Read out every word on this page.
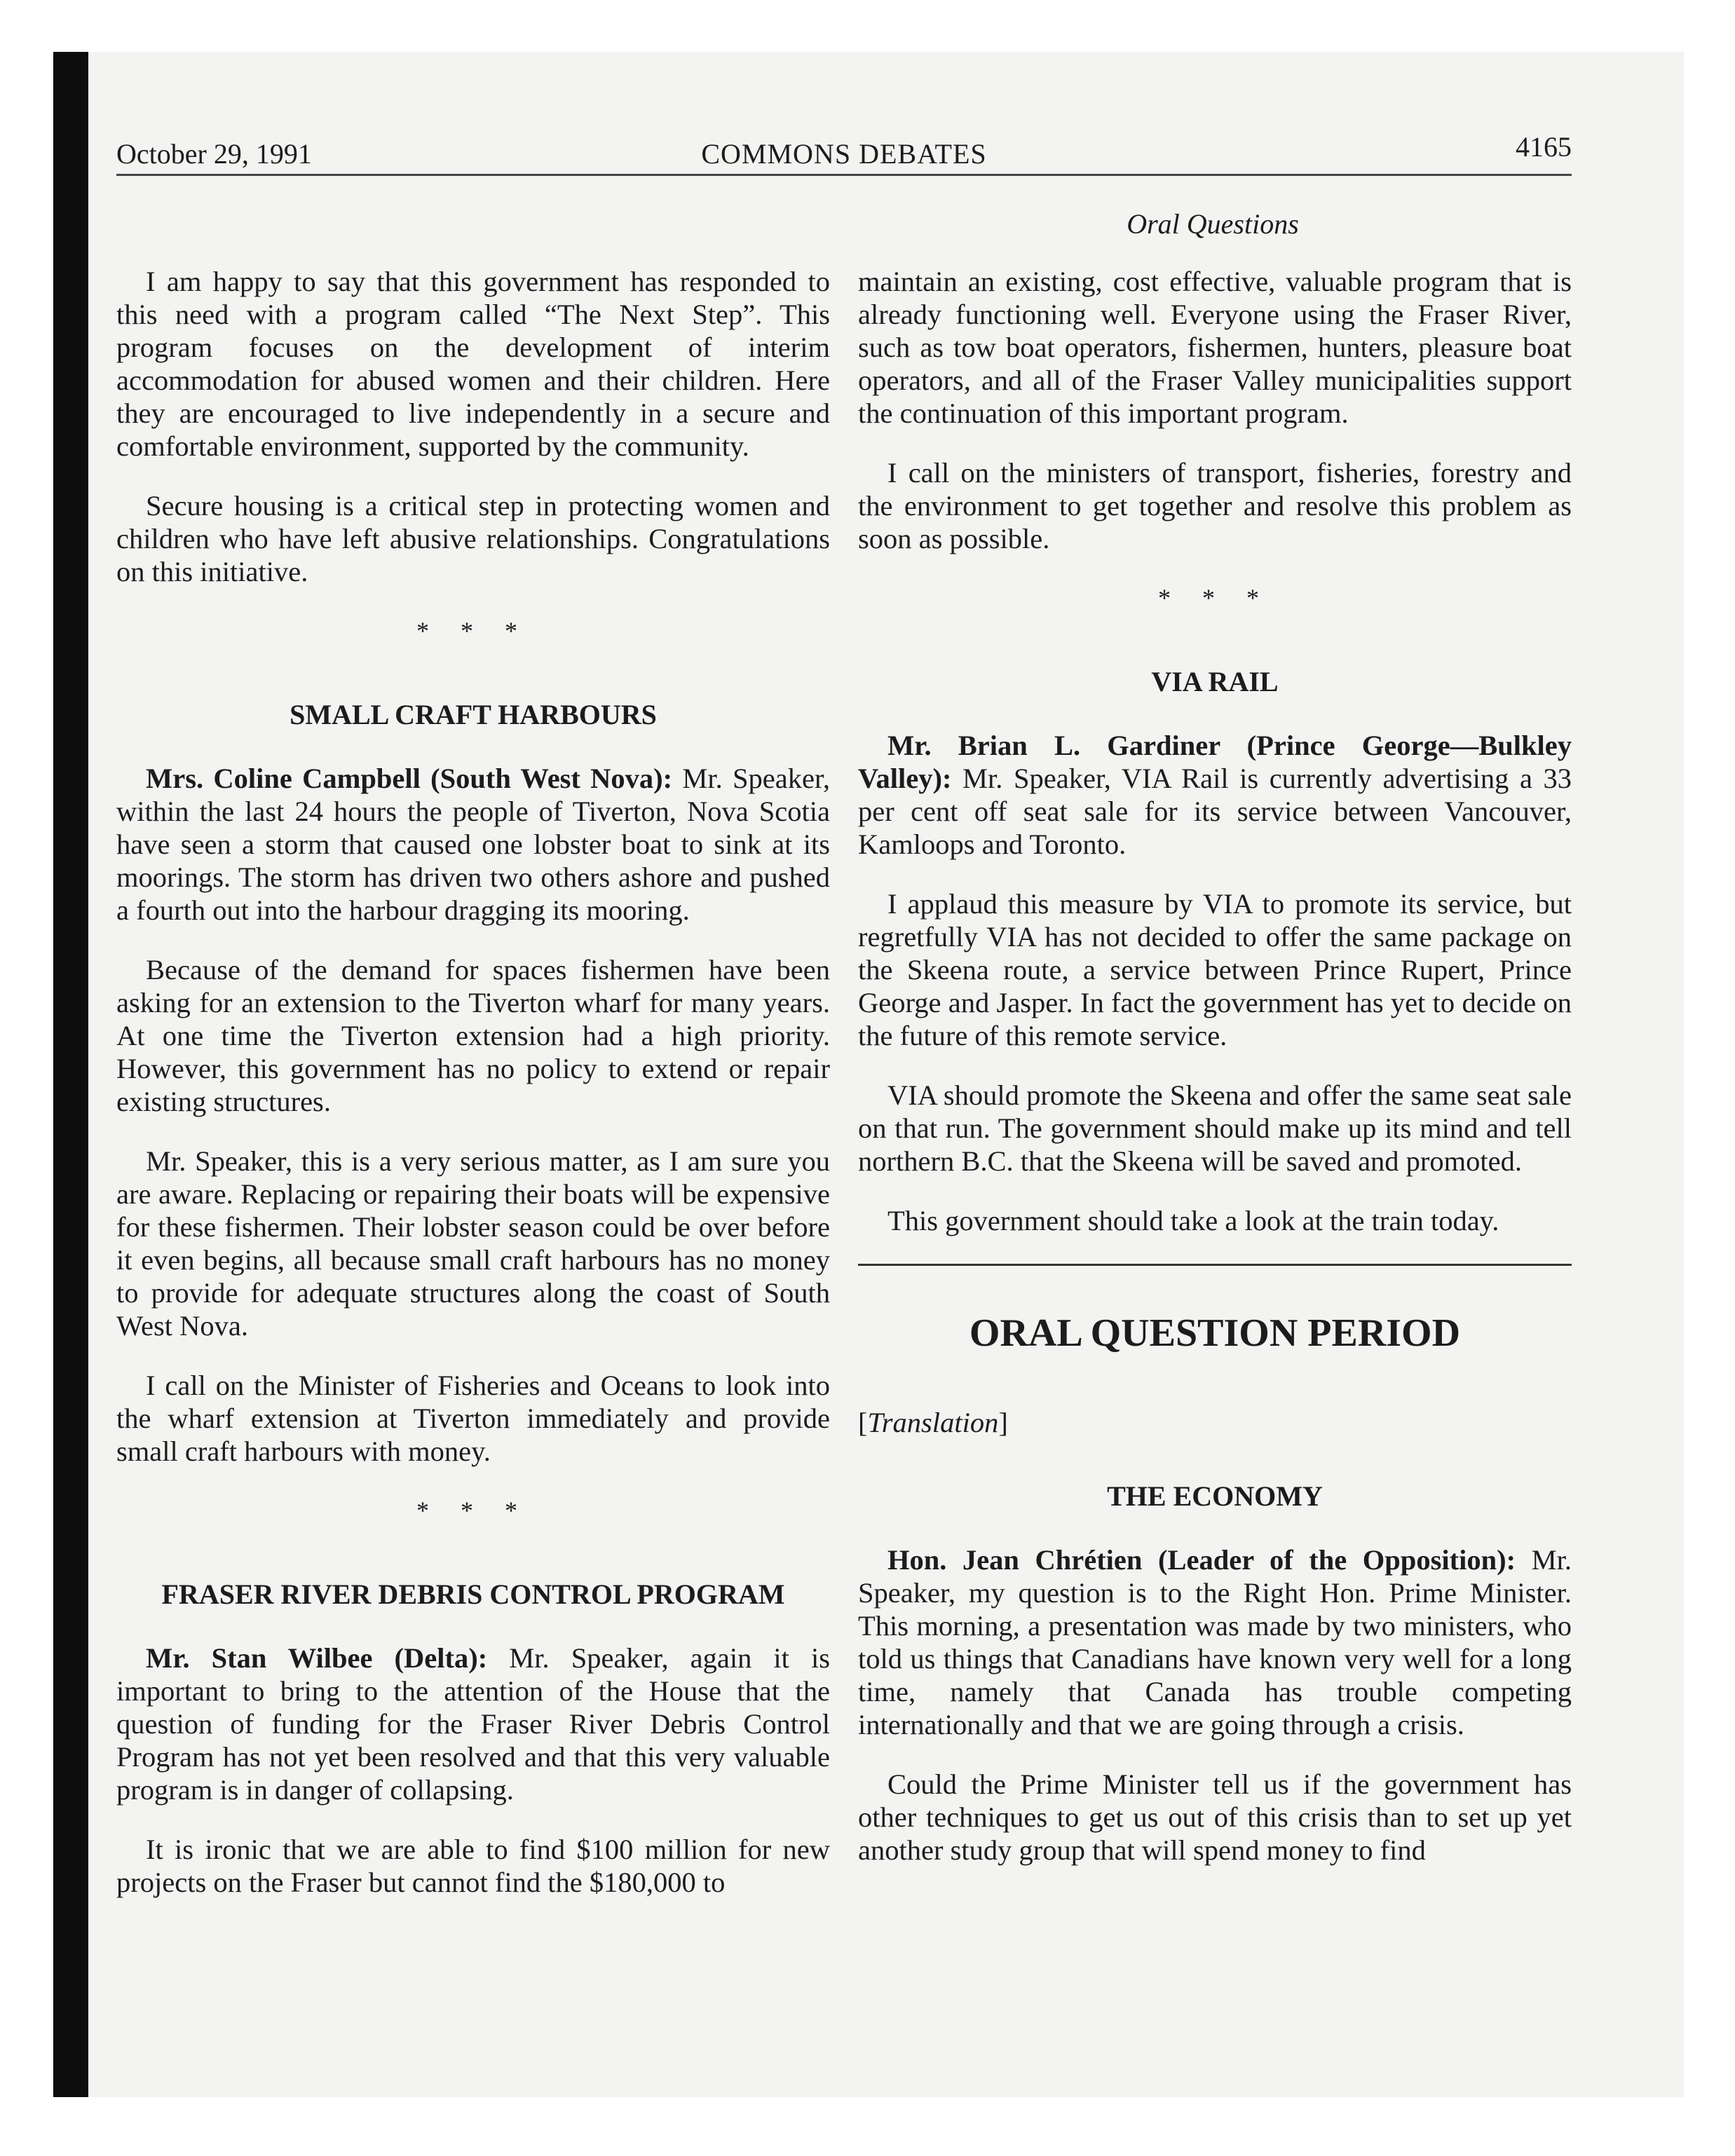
October 29, 1991	COMMONS DEBATES	4165
Oral Questions

I am happy to say that this government has responded to this need with a program called “The Next Step”. This program focuses on the development of interim accommodation for abused women and their children. Here they are encouraged to live independently in a secure and comfortable environment, supported by the community.

Secure housing is a critical step in protecting women and children who have left abusive relationships. Congratulations on this initiative.

* * *
SMALL CRAFT HARBOURS

Mrs. Coline Campbell (South West Nova): Mr. Speaker, within the last 24 hours the people of Tiverton, Nova Scotia have seen a storm that caused one lobster boat to sink at its moorings. The storm has driven two others ashore and pushed a fourth out into the harbour dragging its mooring.

Because of the demand for spaces fishermen have been asking for an extension to the Tiverton wharf for many years. At one time the Tiverton extension had a high priority. However, this government has no policy to extend or repair existing structures.

Mr. Speaker, this is a very serious matter, as I am sure you are aware. Replacing or repairing their boats will be expensive for these fishermen. Their lobster season could be over before it even begins, all because small craft harbours has no money to provide for adequate structures along the coast of South West Nova.

I call on the Minister of Fisheries and Oceans to look into the wharf extension at Tiverton immediately and provide small craft harbours with money.

* * *
FRASER RIVER DEBRIS CONTROL PROGRAM

Mr. Stan Wilbee (Delta): Mr. Speaker, again it is important to bring to the attention of the House that the question of funding for the Fraser River Debris Control Program has not yet been resolved and that this very valuable program is in danger of collapsing.

It is ironic that we are able to find $100 million for new projects on the Fraser but cannot find the $180,000 to

maintain an existing, cost effective, valuable program that is already functioning well. Everyone using the Fraser River, such as tow boat operators, fishermen, hunters, pleasure boat operators, and all of the Fraser Valley municipalities support the continuation of this important program.

I call on the ministers of transport, fisheries, forestry and the environment to get together and resolve this problem as soon as possible.

* * *
VIA RAIL

Mr. Brian L. Gardiner (Prince George—Bulkley Valley): Mr. Speaker, VIA Rail is currently advertising a 33 per cent off seat sale for its service between Vancouver, Kamloops and Toronto.

I applaud this measure by VIA to promote its service, but regretfully VIA has not decided to offer the same package on the Skeena route, a service between Prince Rupert, Prince George and Jasper. In fact the government has yet to decide on the future of this remote service.

VIA should promote the Skeena and offer the same seat sale on that run. The government should make up its mind and tell northern B.C. that the Skeena will be saved and promoted.

This government should take a look at the train today.

ORAL QUESTION PERIOD
[Translation]
THE ECONOMY

Hon. Jean Chrétien (Leader of the Opposition): Mr. Speaker, my question is to the Right Hon. Prime Minister. This morning, a presentation was made by two ministers, who told us things that Canadians have known very well for a long time, namely that Canada has trouble competing internationally and that we are going through a crisis.

Could the Prime Minister tell us if the government has other techniques to get us out of this crisis than to set up yet another study group that will spend money to find
